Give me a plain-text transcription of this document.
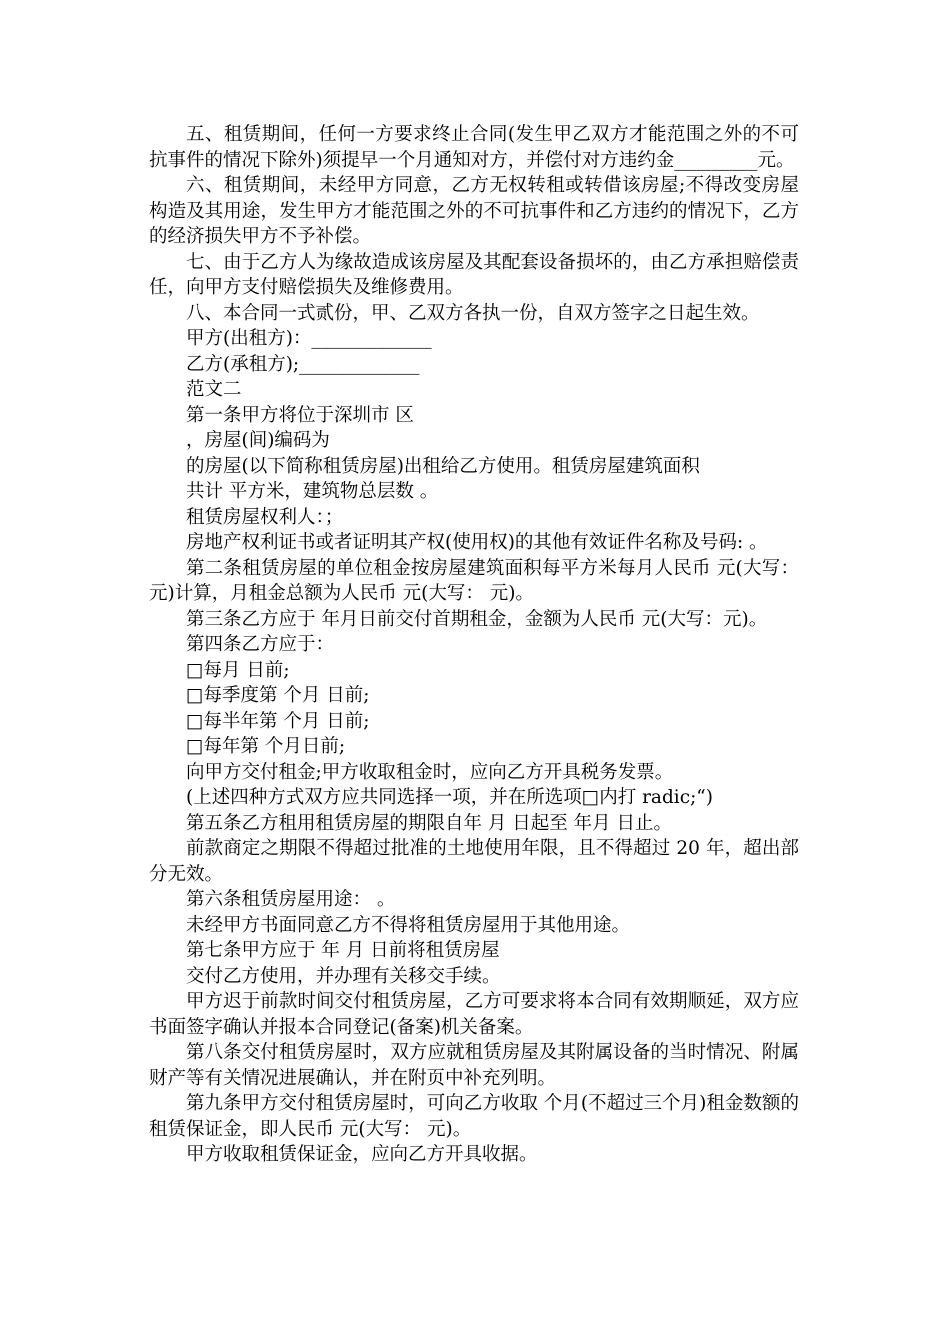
五、租赁期间，任何一方要求终止合同(发生甲乙双方才能范围之外的不可抗事件的情况下除外)须提早一个月通知对方，并偿付对方违约金_________元。

六、租赁期间，未经甲方同意，乙方无权转租或转借该房屋;不得改变房屋构造及其用途，发生甲方才能范围之外的不可抗事件和乙方违约的情况下，乙方的经济损失甲方不予补偿。

七、由于乙方人为缘故造成该房屋及其配套设备损坏的，由乙方承担赔偿责任，向甲方支付赔偿损失及维修费用。

八、本合同一式贰份，甲、乙双方各执一份，自双方签字之日起生效。

甲方(出租方)：_____________

乙方(承租方);_____________

范文二

第一条甲方将位于深圳市 区

，房屋(间)编码为

的房屋(以下简称租赁房屋)出租给乙方使用。租赁房屋建筑面积

共计 平方米，建筑物总层数 。

租赁房屋权利人：；

房地产权利证书或者证明其产权(使用权)的其他有效证件名称及号码: 。

第二条租赁房屋的单位租金按房屋建筑面积每平方米每月人民币 元(大写：元)计算，月租金总额为人民币 元(大写： 元)。

第三条乙方应于 年月日前交付首期租金，金额为人民币 元(大写：元)。

第四条乙方应于：

□每月 日前;

□每季度第 个月 日前;

□每半年第 个月 日前;

□每年第 个月日前;

向甲方交付租金;甲方收取租金时，应向乙方开具税务发票。

(上述四种方式双方应共同选择一项，并在所选项□内打 radic;“)

第五条乙方租用租赁房屋的期限自年 月 日起至 年月 日止。

前款商定之期限不得超过批准的土地使用年限，且不得超过 20 年，超出部分无效。

第六条租赁房屋用途： 。

未经甲方书面同意乙方不得将租赁房屋用于其他用途。

第七条甲方应于 年 月 日前将租赁房屋

交付乙方使用，并办理有关移交手续。

甲方迟于前款时间交付租赁房屋，乙方可要求将本合同有效期顺延，双方应书面签字确认并报本合同登记(备案)机关备案。

第八条交付租赁房屋时，双方应就租赁房屋及其附属设备的当时情况、附属财产等有关情况进展确认，并在附页中补充列明。

第九条甲方交付租赁房屋时，可向乙方收取 个月(不超过三个月)租金数额的租赁保证金，即人民币 元(大写： 元)。

甲方收取租赁保证金，应向乙方开具收据。
